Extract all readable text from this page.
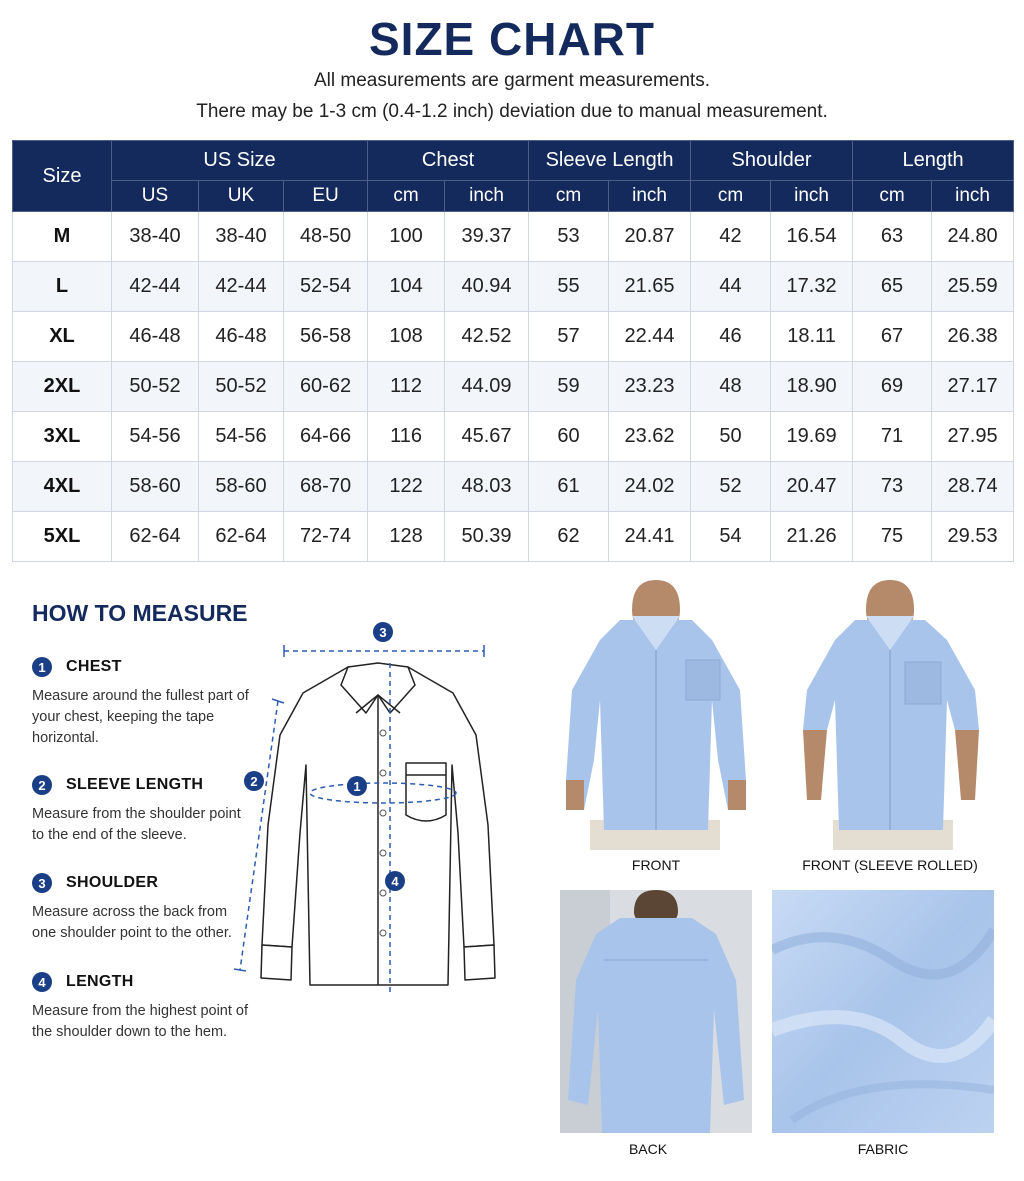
SIZE CHART
All measurements are garment measurements.
There may be 1-3 cm (0.4-1.2 inch) deviation due to manual measurement.
Size	US Size			Chest		Sleeve Length		Shoulder		Length	
	US	UK	EU	cm	inch	cm	inch	cm	inch	cm	inch
M	38-40	38-40	48-50	100	39.37	53	20.87	42	16.54	63	24.80
L	42-44	42-44	52-54	104	40.94	55	21.65	44	17.32	65	25.59
XL	46-48	46-48	56-58	108	42.52	57	22.44	46	18.11	67	26.38
2XL	50-52	50-52	60-62	112	44.09	59	23.23	48	18.90	69	27.17
3XL	54-56	54-56	64-66	116	45.67	60	23.62	50	19.69	71	27.95
4XL	58-60	58-60	68-70	122	48.03	61	24.02	52	20.47	73	28.74
5XL	62-64	62-64	72-74	128	50.39	62	24.41	54	21.26	75	29.53
HOW TO MEASURE
1	CHEST
Measure around the fullest part of your chest, keeping the tape horizontal.
2	SLEEVE LENGTH
Measure from the shoulder point to the end of the sleeve.
3	SHOULDER
Measure across the back from one shoulder point to the other.
4	LENGTH
Measure from the highest point of the shoulder down to the hem.
3
1
2
4
FRONT	FRONT (SLEEVE ROLLED)
BACK	FABRIC
